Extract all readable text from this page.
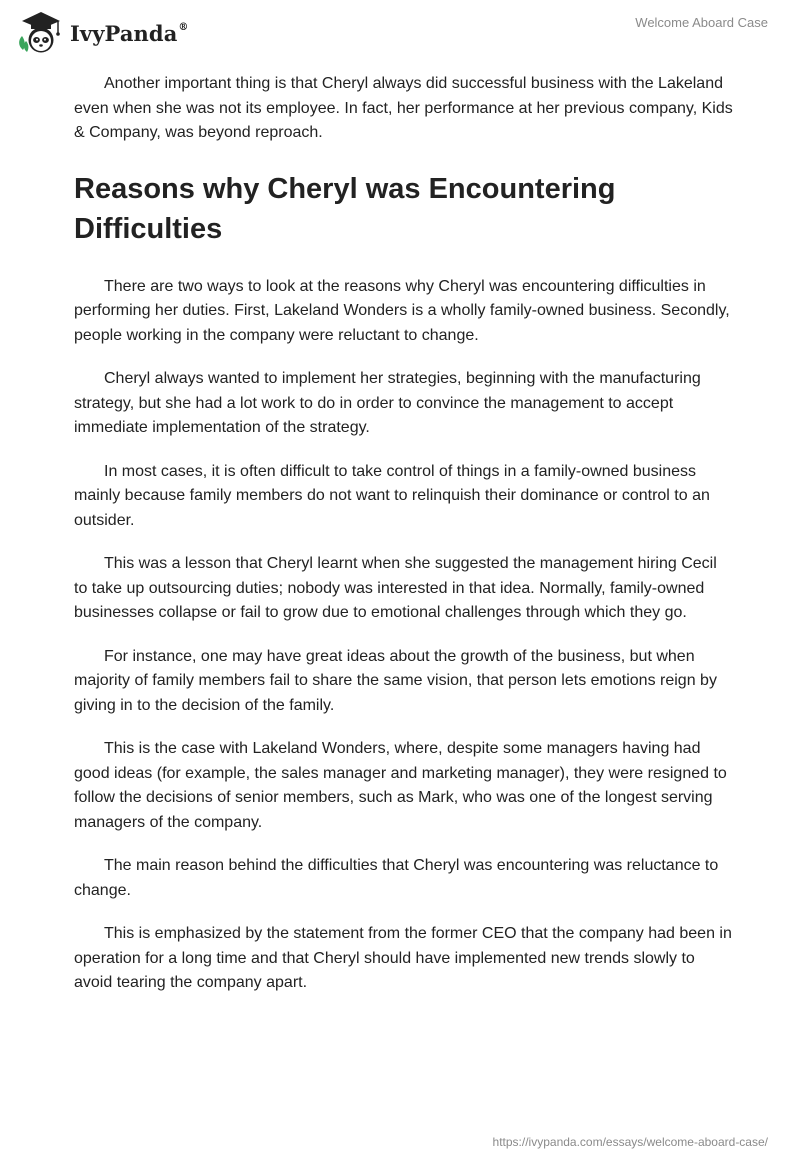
IvyPanda®	Welcome Aboard Case

Another important thing is that Cheryl always did successful business with the Lakeland even when she was not its employee. In fact, her performance at her previous company, Kids & Company, was beyond reproach.

Reasons why Cheryl was Encountering Difficulties

There are two ways to look at the reasons why Cheryl was encountering difficulties in performing her duties. First, Lakeland Wonders is a wholly family-owned business. Secondly, people working in the company were reluctant to change.

Cheryl always wanted to implement her strategies, beginning with the manufacturing strategy, but she had a lot work to do in order to convince the management to accept immediate implementation of the strategy.

In most cases, it is often difficult to take control of things in a family-owned business mainly because family members do not want to relinquish their dominance or control to an outsider.

This was a lesson that Cheryl learnt when she suggested the management hiring Cecil to take up outsourcing duties; nobody was interested in that idea. Normally, family-owned businesses collapse or fail to grow due to emotional challenges through which they go.

For instance, one may have great ideas about the growth of the business, but when majority of family members fail to share the same vision, that person lets emotions reign by giving in to the decision of the family.

This is the case with Lakeland Wonders, where, despite some managers having had good ideas (for example, the sales manager and marketing manager), they were resigned to follow the decisions of senior members, such as Mark, who was one of the longest serving managers of the company.

The main reason behind the difficulties that Cheryl was encountering was reluctance to change.

This is emphasized by the statement from the former CEO that the company had been in operation for a long time and that Cheryl should have implemented new trends slowly to avoid tearing the company apart.

https://ivypanda.com/essays/welcome-aboard-case/
